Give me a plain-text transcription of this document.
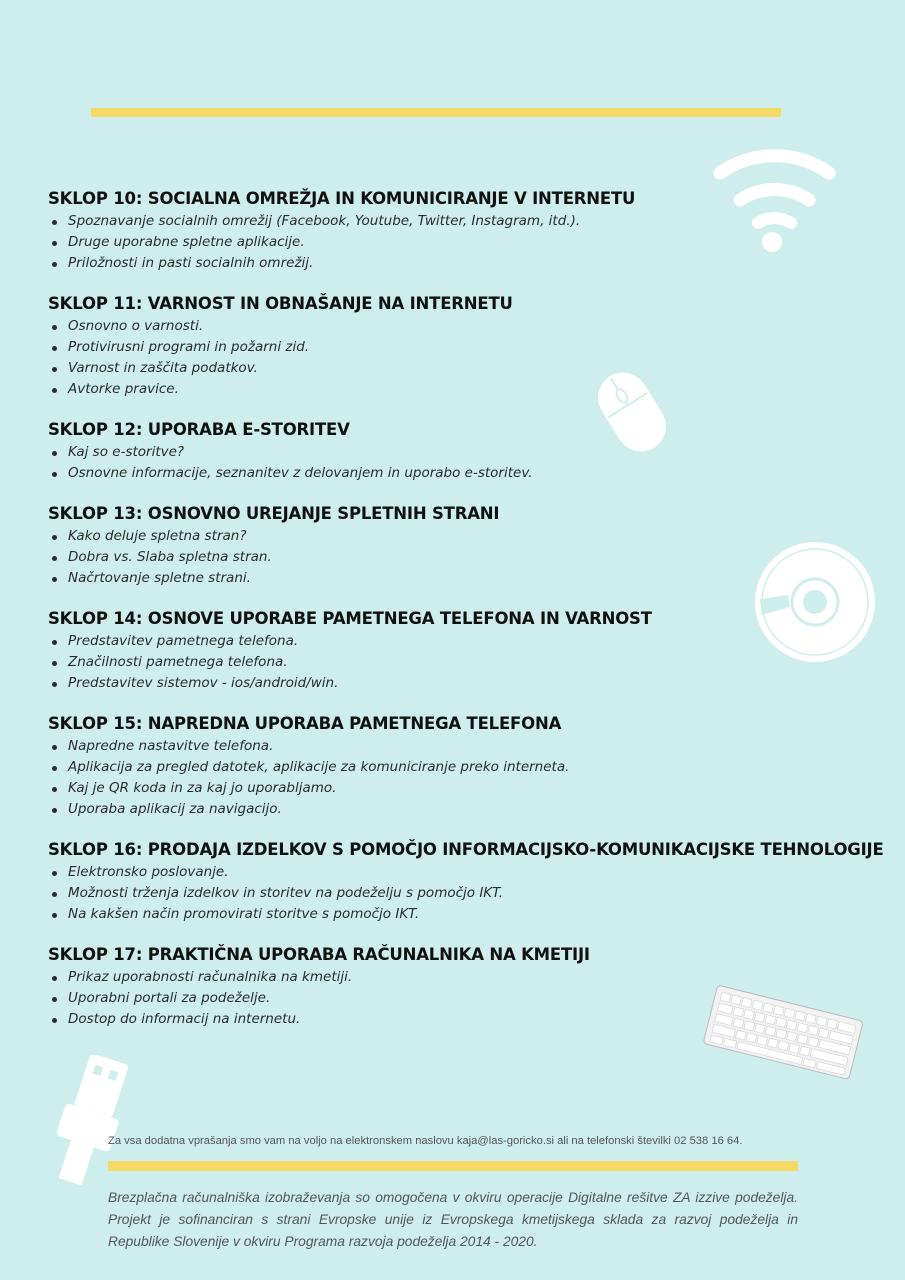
SKLOP 10: SOCIALNA OMREŽJA IN KOMUNICIRANJE V INTERNETU
Spoznavanje socialnih omrežij (Facebook, Youtube, Twitter, Instagram, itd.).
Druge uporabne spletne aplikacije.
Priložnosti in pasti socialnih omrežij.
SKLOP 11: VARNOST IN OBNAŠANJE NA INTERNETU
Osnovno o varnosti.
Protivirusni programi in požarni zid.
Varnost in zaščita podatkov.
Avtorke pravice.
SKLOP 12: UPORABA E-STORITEV
Kaj so e-storitve?
Osnovne informacije, seznanitev z delovanjem in uporabo e-storitev.
SKLOP 13: OSNOVNO UREJANJE SPLETNIH STRANI
Kako deluje spletna stran?
Dobra vs. Slaba spletna stran.
Načrtovanje spletne strani.
SKLOP 14: OSNOVE UPORABE PAMETNEGA TELEFONA IN VARNOST
Predstavitev pametnega telefona.
Značilnosti pametnega telefona.
Predstavitev sistemov - ios/android/win.
SKLOP 15: NAPREDNA UPORABA PAMETNEGA TELEFONA
Napredne nastavitve telefona.
Aplikacija za pregled datotek, aplikacije za komuniciranje preko interneta.
Kaj je QR koda in za kaj jo uporabljamo.
Uporaba aplikacij za navigacijo.
SKLOP 16: PRODAJA IZDELKOV S POMOČJO INFORMACIJSKO-KOMUNIKACIJSKE TEHNOLOGIJE
Elektronsko poslovanje.
Možnosti trženja izdelkov in storitev na podeželju s pomočjo IKT.
Na kakšen način promovirati storitve s pomočjo IKT.
SKLOP 17: PRAKTIČNA UPORABA RAČUNALNIKA NA KMETIJI
Prikaz uporabnosti računalnika na kmetiji.
Uporabni portali za podeželje.
Dostop do informacij na internetu.
Za vsa dodatna vprašanja smo vam na voljo na elektronskem naslovu kaja@las-goricko.si ali na telefonski številki 02 538 16 64.
Brezplačna računalniška izobraževanja so omogočena v okviru operacije Digitalne rešitve ZA izzive podeželja. Projekt je sofinanciran s strani Evropske unije iz Evropskega kmetijskega sklada za razvoj podeželja in Republike Slovenije v okviru Programa razvoja podeželja 2014 - 2020.
